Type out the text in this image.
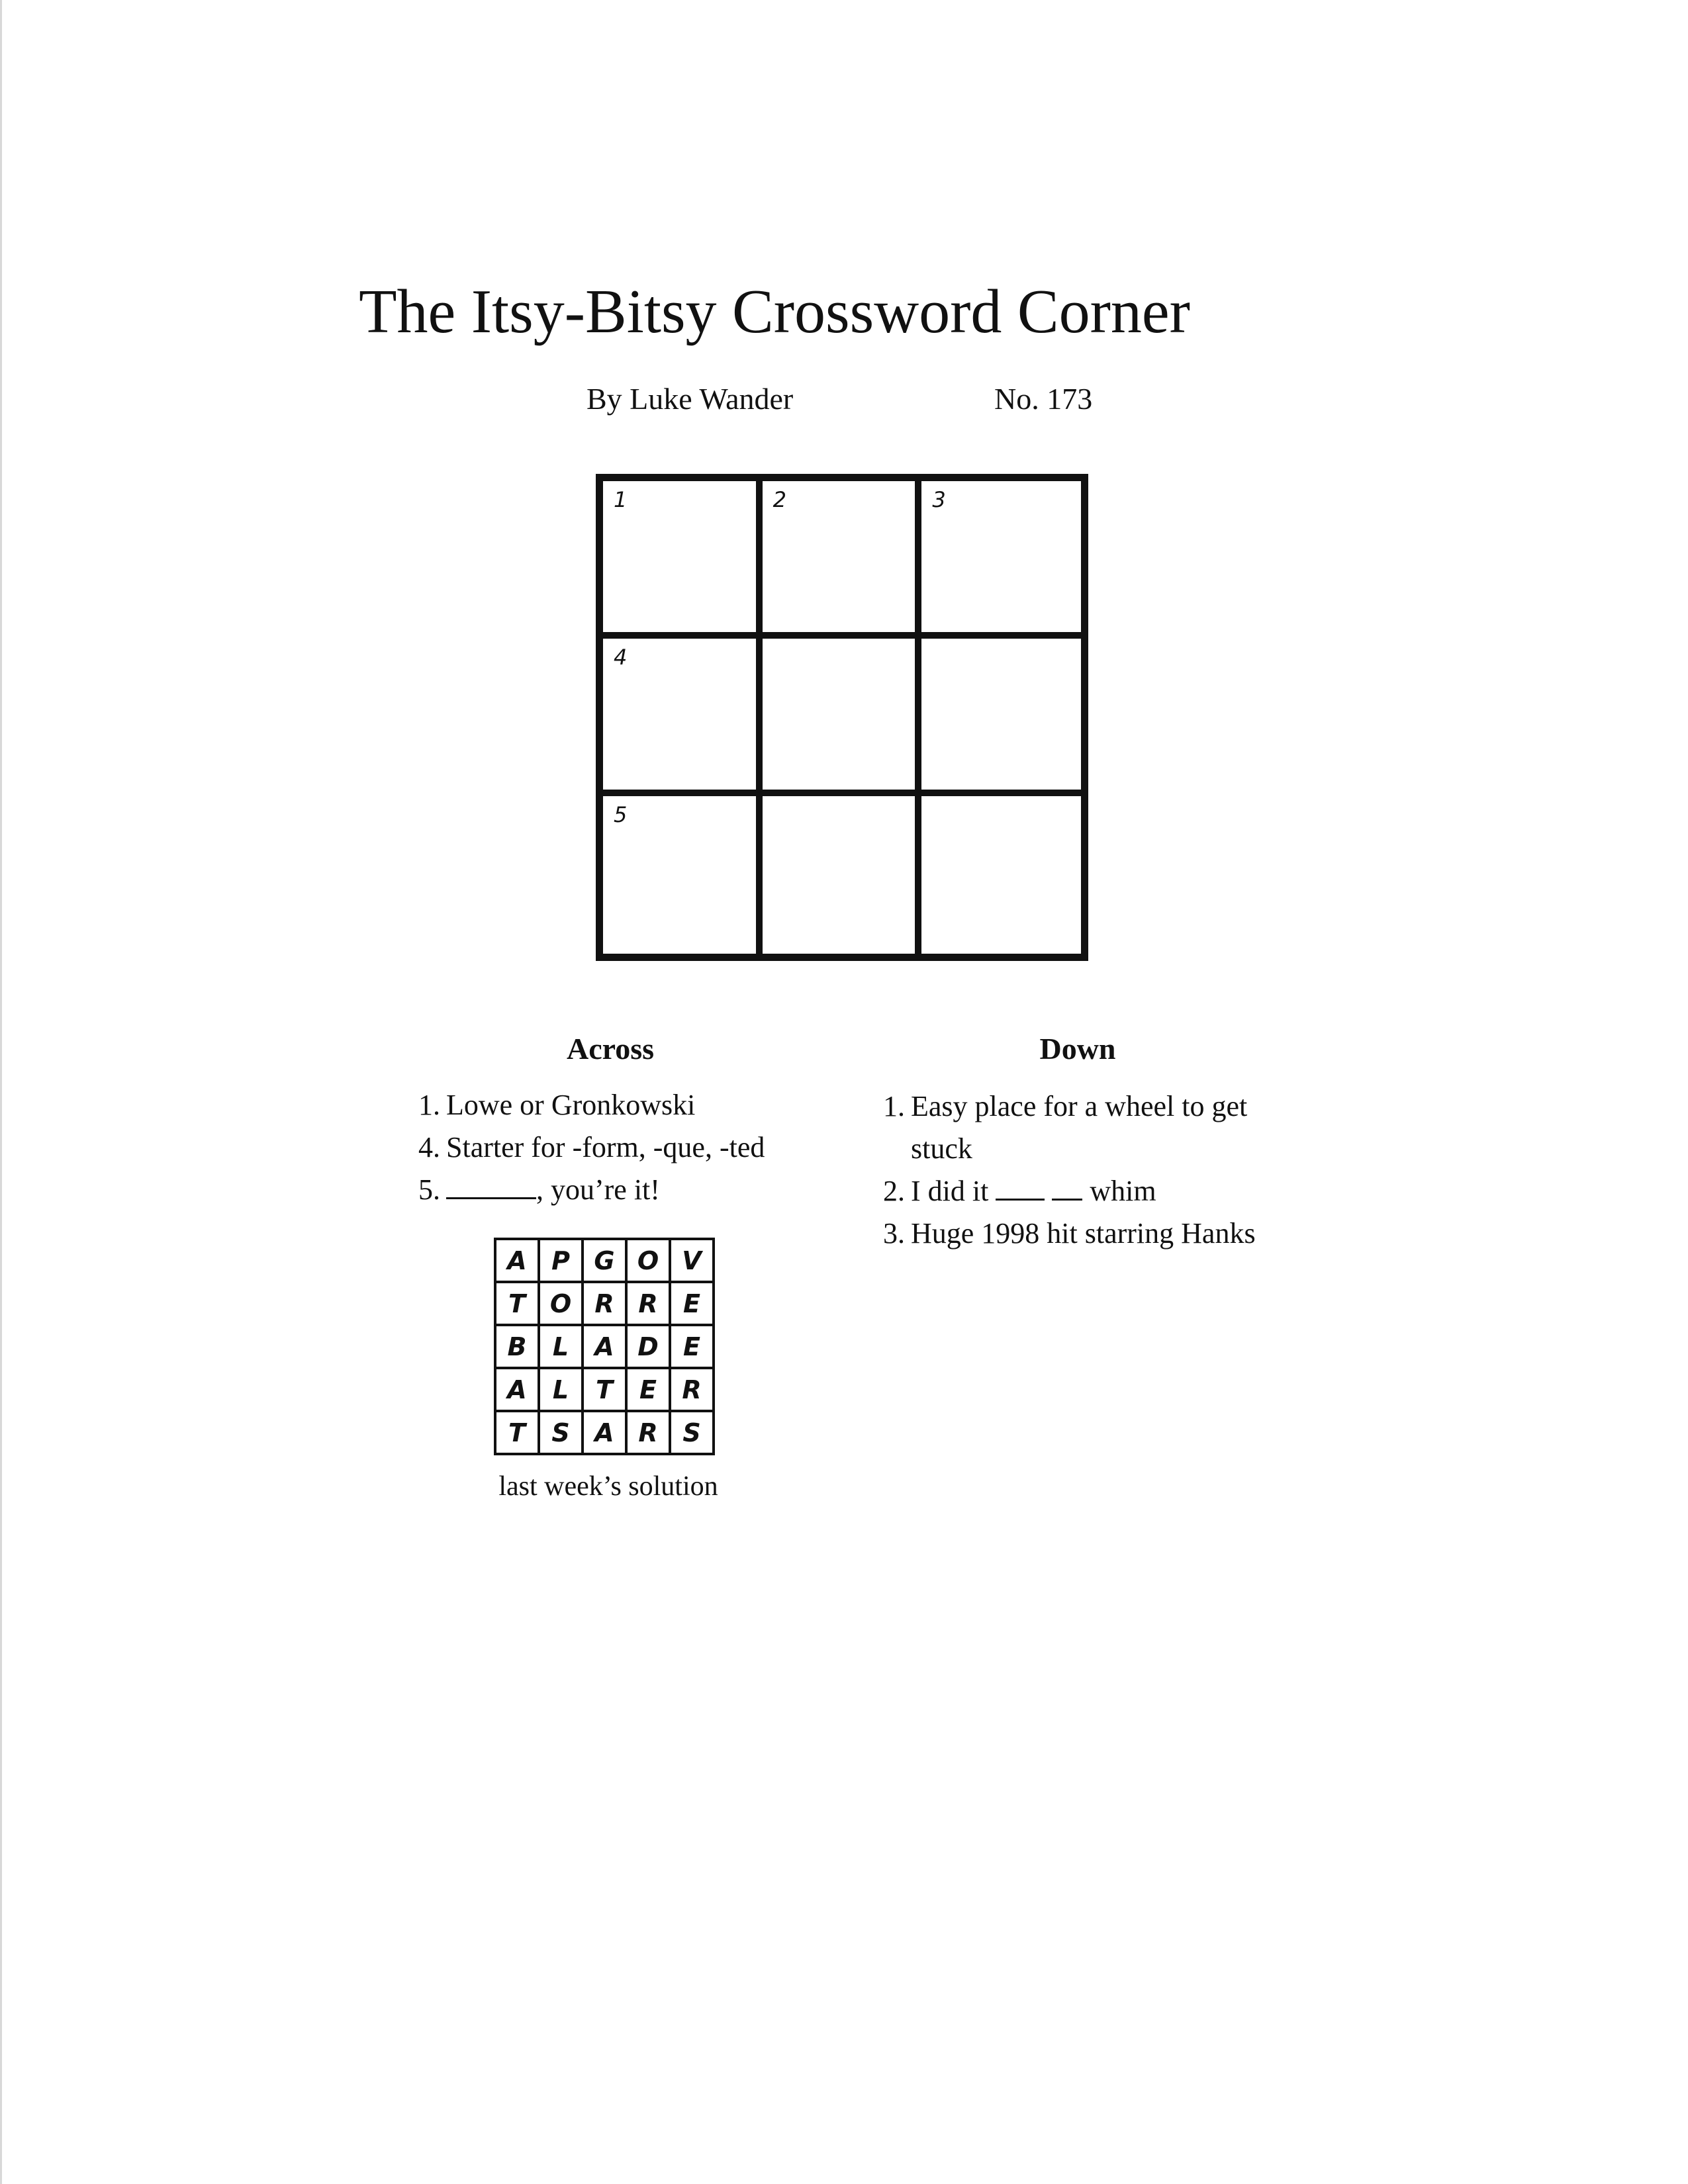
The Itsy-Bitsy Crossword Corner
By Luke Wander	No. 173
1	2	3
4
5
Across
1. Lowe or Gronkowski
4. Starter for -form, -que, -ted
5.	, you’re it!
Down
1. Easy place for a wheel to get
stuck
2. I did it	whim
3. Huge 1998 hit starring Hanks
A	P	G	O	V
T	O	R	R	E
B	L	A	D	E
A	L	T	E	R
T	S	A	R	S
last week’s solution
